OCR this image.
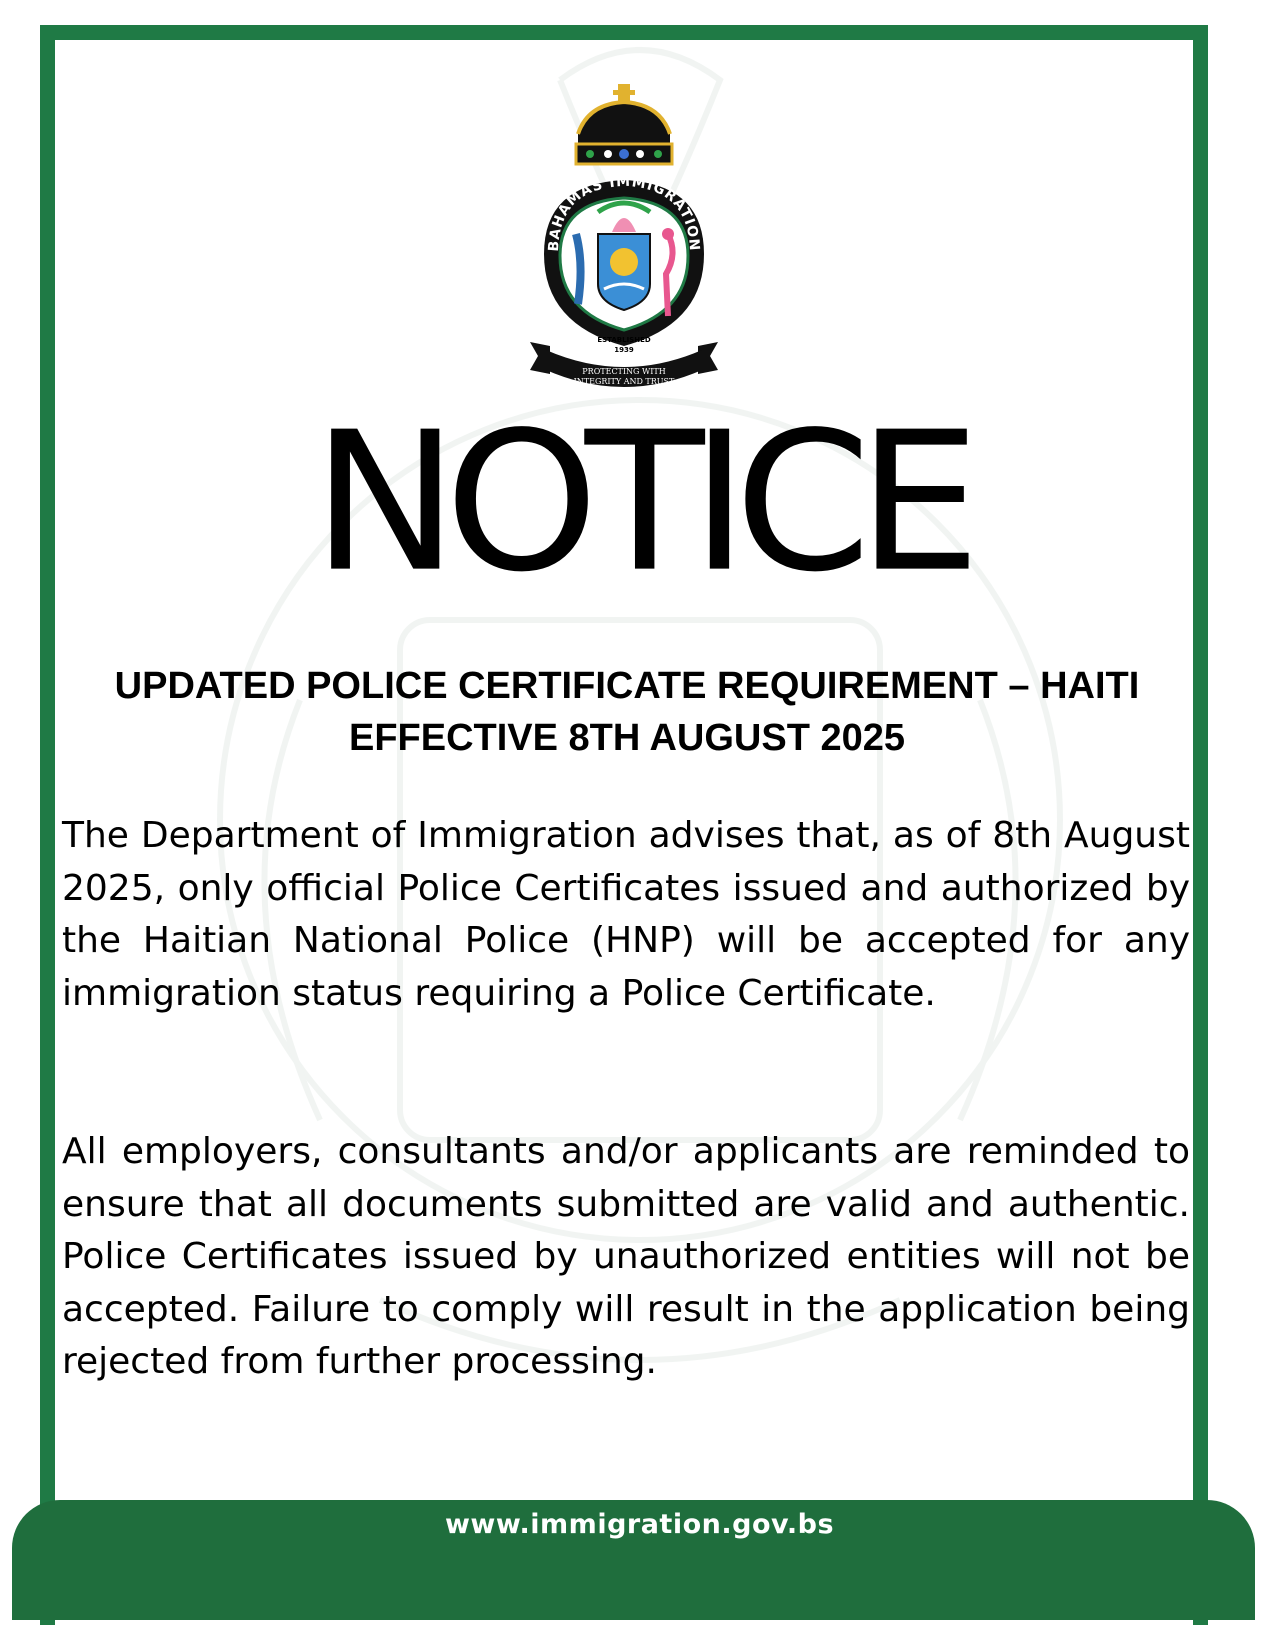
BAHAMAS IMMIGRATION
ESTABLISHED
1939
PROTECTING WITH
INTEGRITY AND TRUST
NOTICE
UPDATED POLICE CERTIFICATE REQUIREMENT – HAITI
EFFECTIVE 8TH AUGUST 2025

The Department of Immigration advises that, as of 8th August 2025, only official Police Certificates issued and authorized by the Haitian National Police (HNP) will be accepted for any immigration status requiring a Police Certificate.

All employers, consultants and/or applicants are reminded to ensure that all documents submitted are valid and authentic. Police Certificates issued by unauthorized entities will not be accepted. Failure to comply will result in the application being rejected from further processing.

www.immigration.gov.bs
